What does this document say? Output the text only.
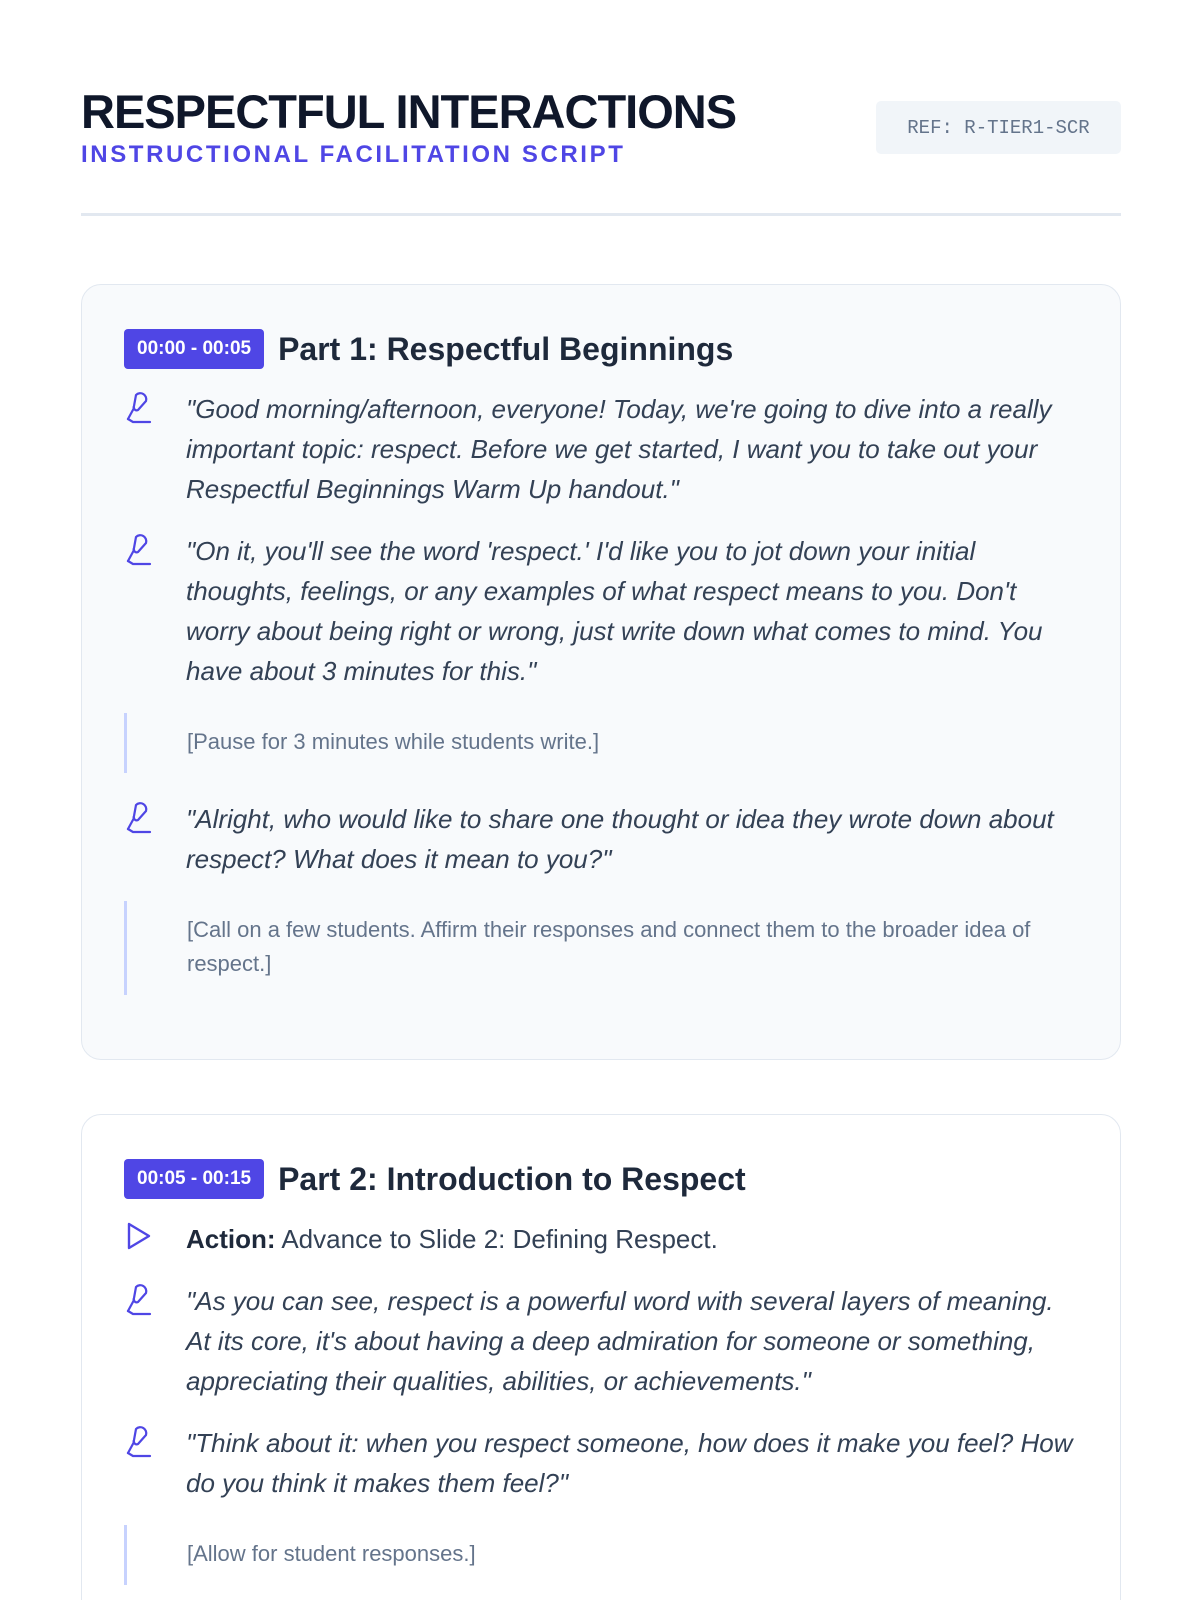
RESPECTFUL INTERACTIONS
INSTRUCTIONAL FACILITATION SCRIPT
REF: R-TIER1-SCR
00:00 - 00:05 Part 1: Respectful Beginnings
"Good morning/afternoon, everyone! Today, we're going to dive into a really important topic: respect. Before we get started, I want you to take out your Respectful Beginnings Warm Up handout."
"On it, you'll see the word 'respect.' I'd like you to jot down your initial thoughts, feelings, or any examples of what respect means to you. Don't worry about being right or wrong, just write down what comes to mind. You have about 3 minutes for this."
[Pause for 3 minutes while students write.]
"Alright, who would like to share one thought or idea they wrote down about respect? What does it mean to you?"
[Call on a few students. Affirm their responses and connect them to the broader idea of respect.]
00:05 - 00:15 Part 2: Introduction to Respect
Action: Advance to Slide 2: Defining Respect.
"As you can see, respect is a powerful word with several layers of meaning. At its core, it's about having a deep admiration for someone or something, appreciating their qualities, abilities, or achievements."
"Think about it: when you respect someone, how does it make you feel? How do you think it makes them feel?"
[Allow for student responses.]
